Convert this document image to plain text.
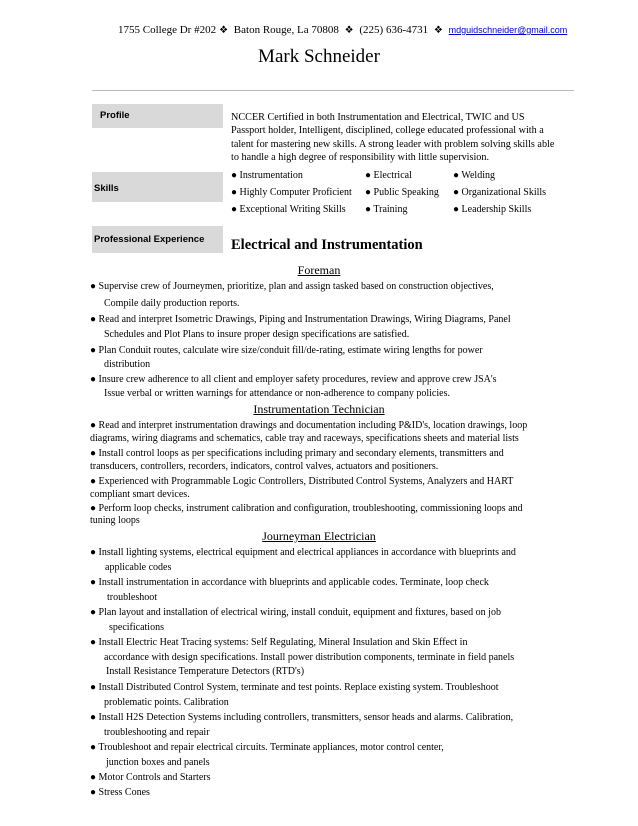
1755 College Dr #202 ❖ Baton Rouge, La 70808 ❖ (225) 636-4731 ❖ mdguidschneider@gmail.com
Mark Schneider
Profile
Skills
Professional Experience
NCCER Certified in both Instrumentation and Electrical, TWIC and US
Passport holder, Intelligent, disciplined, college educated professional with a
talent for mastering new skills. A strong leader with problem solving skills able
to handle a high degree of responsibility with little supervision.
● Instrumentation	● Electrical	● Welding
● Highly Computer Proficient ● Public Speaking ● Organizational Skills
● Exceptional Writing Skills ● Training	● Leadership Skills
Electrical and Instrumentation
Foreman
● Supervise crew of Journeymen, prioritize, plan and assign tasked based on construction objectives,
Compile daily production reports.
● Read and interpret Isometric Drawings, Piping and Instrumentation Drawings, Wiring Diagrams, Panel
Schedules and Plot Plans to insure proper design specifications are satisfied.
● Plan Conduit routes, calculate wire size/conduit fill/de-rating, estimate wiring lengths for power
distribution
● Insure crew adherence to all client and employer safety procedures, review and approve crew JSA's
Issue verbal or written warnings for attendance or non-adherence to company policies.
Instrumentation Technician
● Read and interpret instrumentation drawings and documentation including P&ID's, location drawings, loop
diagrams, wiring diagrams and schematics, cable tray and raceways, specifications sheets and material lists
● Install control loops as per specifications including primary and secondary elements, transmitters and
transducers, controllers, recorders, indicators, control valves, actuators and positioners.
● Experienced with Programmable Logic Controllers, Distributed Control Systems, Analyzers and HART
compliant smart devices.
● Perform loop checks, instrument calibration and configuration, troubleshooting, commissioning loops and
tuning loops
Journeyman Electrician
● Install lighting systems, electrical equipment and electrical appliances in accordance with blueprints and
applicable codes
● Install instrumentation in accordance with blueprints and applicable codes. Terminate, loop check
troubleshoot
● Plan layout and installation of electrical wiring, install conduit, equipment and fixtures, based on job
specifications
● Install Electric Heat Tracing systems: Self Regulating, Mineral Insulation and Skin Effect in
accordance with design specifications. Install power distribution components, terminate in field panels
Install Resistance Temperature Detectors (RTD's)
● Install Distributed Control System, terminate and test points. Replace existing system. Troubleshoot
problematic points. Calibration
● Install H2S Detection Systems including controllers, transmitters, sensor heads and alarms. Calibration,
troubleshooting and repair
● Troubleshoot and repair electrical circuits. Terminate appliances, motor control center,
junction boxes and panels
● Motor Controls and Starters
● Stress Cones
